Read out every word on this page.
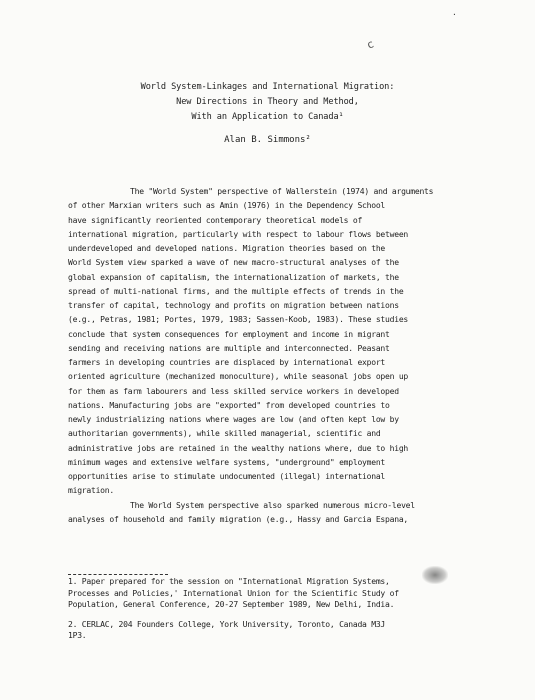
·
c
World System-Linkages and International Migration:
New Directions in Theory and Method,
With an Application to Canada¹
Alan B. Simmons²

The "World System" perspective of Wallerstein (1974) and arguments
of other Marxian writers such as Amin (1976) in the Dependency School
have significantly reoriented contemporary theoretical models of
international migration, particularly with respect to labour flows between
underdeveloped and developed nations. Migration theories based on the
World System view sparked a wave of new macro-structural analyses of the
global expansion of capitalism, the internationalization of markets, the
spread of multi-national firms, and the multiple effects of trends in the
transfer of capital, technology and profits on migration between nations
(e.g., Petras, 1981; Portes, 1979, 1983; Sassen-Koob, 1983). These studies
conclude that system consequences for employment and income in migrant
sending and receiving nations are multiple and interconnected. Peasant
farmers in developing countries are displaced by international export
oriented agriculture (mechanized monoculture), while seasonal jobs open up
for them as farm labourers and less skilled service workers in developed
nations. Manufacturing jobs are "exported" from developed countries to
newly industrializing nations where wages are low (and often kept low by
authoritarian governments), while skilled managerial, scientific and
administrative jobs are retained in the wealthy nations where, due to high
minimum wages and extensive welfare systems, "underground" employment
opportunities arise to stimulate undocumented (illegal) international
migration.

The World System perspective also sparked numerous micro-level
analyses of household and family migration (e.g., Hassy and Garcia Espana,

1. Paper prepared for the session on "International Migration Systems,
Processes and Policies,' International Union for the Scientific Study of
Population, General Conference, 20-27 September 1989, New Delhi, India.
2. CERLAC, 204 Founders College, York University, Toronto, Canada M3J
1P3.
